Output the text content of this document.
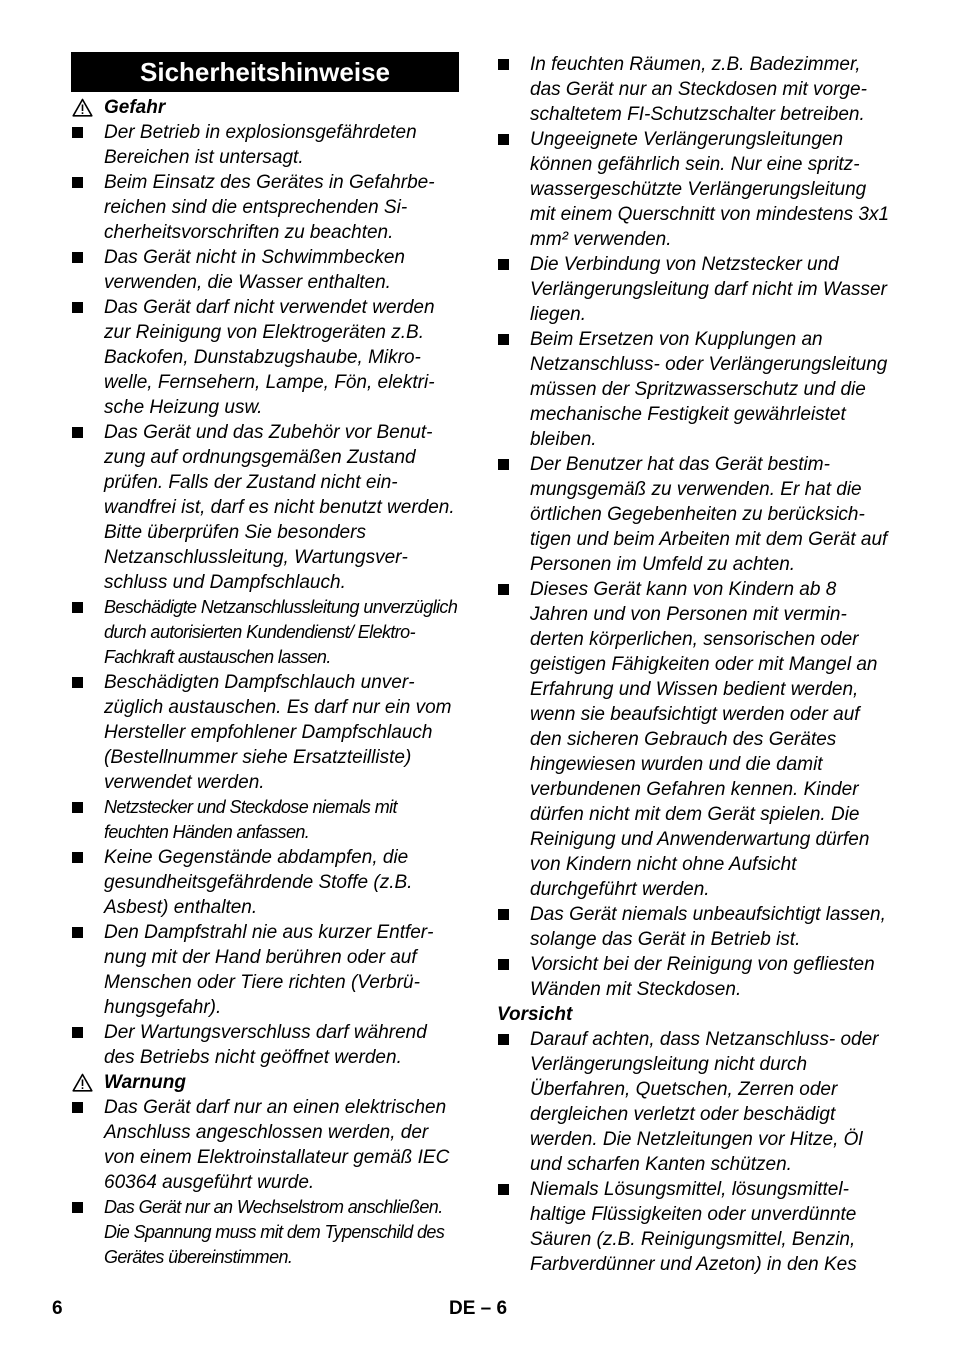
Sicherheitshinweise
Gefahr
Der Betrieb in explosionsgefährdeten Bereichen ist untersagt.
Beim Einsatz des Gerätes in Gefahrbereichen sind die entsprechenden Sicherheitsvorschriften zu beachten.
Das Gerät nicht in Schwimmbecken verwenden, die Wasser enthalten.
Das Gerät darf nicht verwendet werden zur Reinigung von Elektrogeräten z.B. Backofen, Dunstabzugshaube, Mikrowelle, Fernsehern, Lampe, Fön, elektrische Heizung usw.
Das Gerät und das Zubehör vor Benutzung auf ordnungsgemäßen Zustand prüfen. Falls der Zustand nicht einwandfrei ist, darf es nicht benutzt werden. Bitte überprüfen Sie besonders Netzanschlussleitung, Wartungsverschluss und Dampfschlauch.
Beschädigte Netzanschlussleitung unverzüglich durch autorisierten Kundendienst/ Elektro-Fachkraft austauschen lassen.
Beschädigten Dampfschlauch unverzüglich austauschen. Es darf nur ein vom Hersteller empfohlener Dampfschlauch (Bestellnummer siehe Ersatzteilliste) verwendet werden.
Netzstecker und Steckdose niemals mit feuchten Händen anfassen.
Keine Gegenstände abdampfen, die gesundheitsgefährdende Stoffe (z.B. Asbest) enthalten.
Den Dampfstrahl nie aus kurzer Entfernung mit der Hand berühren oder auf Menschen oder Tiere richten (Verbrühungsgefahr).
Der Wartungsverschluss darf während des Betriebs nicht geöffnet werden.
Warnung
Das Gerät darf nur an einen elektrischen Anschluss angeschlossen werden, der von einem Elektroinstallateur gemäß IEC 60364 ausgeführt wurde.
Das Gerät nur an Wechselstrom anschließen. Die Spannung muss mit dem Typenschild des Gerätes übereinstimmen.
In feuchten Räumen, z.B. Badezimmer, das Gerät nur an Steckdosen mit vorgeschaltetem FI-Schutzschalter betreiben.
Ungeeignete Verlängerungsleitungen können gefährlich sein. Nur eine spritzwassergeschützte Verlängerungsleitung mit einem Querschnitt von mindestens 3x1 mm² verwenden.
Die Verbindung von Netzstecker und Verlängerungsleitung darf nicht im Wasser liegen.
Beim Ersetzen von Kupplungen an Netzanschluss- oder Verlängerungsleitung müssen der Spritzwasserschutz und die mechanische Festigkeit gewährleistet bleiben.
Der Benutzer hat das Gerät bestimmungsgemäß zu verwenden. Er hat die örtlichen Gegebenheiten zu berücksichtigen und beim Arbeiten mit dem Gerät auf Personen im Umfeld zu achten.
Dieses Gerät kann von Kindern ab 8 Jahren und von Personen mit verminderten körperlichen, sensorischen oder geistigen Fähigkeiten oder mit Mangel an Erfahrung und Wissen bedient werden, wenn sie beaufsichtigt werden oder auf den sicheren Gebrauch des Gerätes hingewiesen wurden und die damit verbundenen Gefahren kennen. Kinder dürfen nicht mit dem Gerät spielen. Die Reinigung und Anwenderwartung dürfen von Kindern nicht ohne Aufsicht durchgeführt werden.
Das Gerät niemals unbeaufsichtigt lassen, solange das Gerät in Betrieb ist.
Vorsicht bei der Reinigung von gefliesten Wänden mit Steckdosen.
Vorsicht
Darauf achten, dass Netzanschluss- oder Verlängerungsleitung nicht durch Überfahren, Quetschen, Zerren oder dergleichen verletzt oder beschädigt werden. Die Netzleitungen vor Hitze, Öl und scharfen Kanten schützen.
Niemals Lösungsmittel, lösungsmittelhaltige Flüssigkeiten oder unverdünnte Säuren (z.B. Reinigungsmittel, Benzin, Farbverdünner und Azeton) in den Kes
6	DE – 6
